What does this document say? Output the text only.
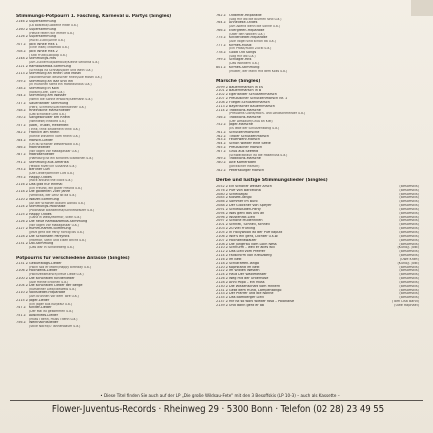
Stimmungs-Potpourri 1. Fasching, Karneval u. Partys (Singles)
2146 Z Superstimmung
(La Bostella/Goldene Mitte u.a.)
2160 Z Superstimmung
(Heute feiern wir immer u.a.)
2126 Z Superstimmung
(Rucki Zucki/Anne u.a.)
707 Z Jack White Hits 1
(Eine Insel/Tiritomba u.a.)
708 Z Jack White Hits 2
(Tutti Frutti/Lollipop u.a.)
2148 Z Stimmungs-Hits
(Am Zuckerhut/Bambule/Kleine Senorita u.a.)
2121 Z Rambazamba-Stimmung
(Schnaps ist Schnaps/Bier und Wein u.a.)
2113 Z Stimmung an Rhein und Mosel
(Wunderschön deutscher Rhein/Die Mosel u.a.)
759 Z Stimmung an Isar und Inn
(In München steht ein Hofbräuhaus u.a.)
738 Z Stimmung in Köln
(Kölsch/Lore, Lore u.a.)
744 Z Stimmung am Wasser
(Wenn die Sonne erwacht/Seemann u.a.)
737 Z Sauerländer Stimmung
(Herz, Schmerz/Liechtensteiner u.a.)
748 Z Rheinische Marschlieder
(Dat schönste Lied u.a.)
750 Z Sangesbrüder am Rhein
(Weinlese/Trinklied u.a.)
757 Z Jubel, Trubel, Heiterkeit
(Trink, trink Brüderlein trink u.a.)
782 Z Fröhlich am Rhein
(Kleine Winzerin vom Rhein u.a.)
784 Z Marsch-Lieder
(Oh du schöner Westerwald u.a.)
786 Z Marinelieder
(Wir lagen vor Madagaskar u.a.)
787 Z Matrosenlieder
(Hamburg ist ein schönes Städtchen u.a.)
791 Z Stimmung aus Amerika
(Yellow River/Oh Susanna u.a.)
793 Z Berliner Luft
(Die Lieder/Berliner Luft u.a.)
795 Z Happy-Oldies
(Rock around the clock u.a.)
2116 Z Das gibt nur einmal
(Ein Freund, ein guter Freund u.a.)
2118 Z Die goldenen 20er Jahre
(Veronika, der Lenz ist da u.a.)
2120 Z Walzer-Stimmung
(An der schönen blauen Donau u.a.)
2124 Z Stimmungs-Polonaise
(Polonaise Blankenese/Schneewalzer u.a.)
2125 Z Happy Oldies
(Ganz in Weiß/Marmor, Stein u.a.)
2126 Z Die neue Rambazamba-Stimmung
(Wir lagen vor Madagaskar u.a.)
2127 Z Rumm-Ramm-Stimmung
(Jetzt geht die Party richtig los u.a.)
2128 Z Die Schönsten Partyhits
(Marmor, Stein und Eisen bricht u.a.)
2131 Z Dol-Stimmung
(Das war in Schöneberg u.a.)
Potpourris für verschiedene Anlässe (Singles)
2131 Z Geburtstags-Lieder
(Hoch soll er leben/Happy birthday u.a.)
2106 Z Hochzeits-Lieder
(Hochzeitsmarsch/Treue Liebe u.a.)
2100 Z Die schönsten Kinderlieder
(Alle meine Entchen u.a.)
2104 Z Die schönsten Lieder der Berge
(Kufsteiner Lied/Edelweiß u.a.)
2110 Z Volkslieder-Hitparade
(Am Brunnen vor dem Tore u.a.)
2115 Z Jäger-Lieder
(Ein Jäger aus Kurpfalz u.a.)
747 Z Kinder-Lieder
(Der Mai ist gekommen u.a.)
751 Z Abschieds-Lieder
(Muss i denn, muss i denn u.a.)
756 Z Weihnachtslieder
(Stille Nacht/O Tannenbaum u.a.)
762 Z Oldtimer-Hitparade
(Sag mir wo die Blumen sind u.a.)
764 Z Anneliese-Oldies
(Am Abend wenn die Sonne u.a.)
766 Z Evergreen-Hitparade
(Über den Wolken u.a.)
775 Z Kinderlieder-Hitparade
(Alle Vögel sind schon da u.a.)
777 Z Kirmes-Musik
(Ein Prosit/Rucki Zucki u.a.)
778 Z Good Old Songs
(Sag mir wo u.a.)
799 Z Schlager-Hits
(Das Wandern u.a.)
801 Z Kirmes-Stimmung
(Mutter, der Mann mit dem Koks u.a.)
Märsche (Singles)
2099 Z Bauernmarsch in Es
2101 Z Bauernmarsch in B
2102 Z Egerländer Schützenmarsch
2107 Z Preußischer Schützenmarsch Nr. 1
2108 Z Flieger-Schützenmarsch
2113 Z Bayerischer Bauernmarsch
2114 Z Traditions-Märsche
(Preußens Gloria/Hoch- und Deutschmeister u.a.)
746 Z Traditions-Märsche
(Der Dessauer/Gruß an Kiel)
752 Z Jäger-Märsche
(Es lebe der Schützenkönig u.a.)
761 Z Schützenmärsche
762 Z Tiroler Schützenmarsch
763 Z Feuerwehr-Marsch
764 Z Schon wieder eine Seele
765 Z Preußischer Marsch
767 Z Gruß aus Seefeld
(Schwarzbraun ist die Haselnuss u.a.)
769 Z Traditions-Märsche
780 Z Alte Kameraden
(Jorckscher Marsch)
782 Z Petersburger Marsch
Derbe und lustige Stimmungslieder (Singles)
2052 Z Ein schöner weißer Arsch	(Besoffskis)
2076 Z Puff von Barcelona	(Besoffskis)
2080 Z Scheißegal	(Besoffskis)
2085 Z Klosett-Tango	(Besoffskis)
2086 Z Sommer im Büro	(Besoffskis)
2088 Z Der Glöckner von Speyer	(Besoffskis)
2091 Z Schießbuden-Party	(Besoffskis)
2094 Z Was geht das uns an	(Besoffskis)
2096 Z Wüstenrot-Lied	(Besoffskis)
2097 Z Schöne Müllerinnen	(Besoffskis)
2101 Z Schnell, Schnell, schnell	(Besoffskis)
2103 Z Zu viel Frühling	(Besoffskis)
2105 Z In Hollywood ist der Puff kaputt	(Besoffskis)
2106 Z Wie's ein geht, Dichter u.s.w.	(Besoffskis)
2107 Z Hochzeitswalzer	(Besoffskis)
2108 Z Die Jungfrau vom Loch Ness	(Besoffskis)
2110 Z Schnurm – weil er alles will	(Kuno/J. Jost)
2112 Z Das Lied vom Pfeiffer	(Besoffskis)
2114 Z Fallschirm von Kreuzberg	(Besoffskis)
2116 Z Im Bett	(Uwe Kraft)
2118 Z Schlaraffen-Tango	(Kuno/J. Jost)
2120 Z Kopfstand im Bett	(Besoffskis)
2122 Z Im Wilden Westen	(Besoffskis)
2124 Z Haut Der Waldmeister	(Besoffskis)
2126 Z Weg mit der Unterhose	(Besoffskis)
2128 Z Anni Popo – ein Muss	(Besoffskis)
2130 Z Die Wissenschaft vom Hintern	(Besoffskis)
2131 Z Gebt dem Hund, Lampentango	(Besoffskis)
2133 Z Der Pfarrer und die Nonne	(Besoffskis)
2135 Z Das Bamberger Lied	(Besoffskis)
2137 Z Mir ist so wohl wieder rosa – Polonaise	(Tom Lisa Band)
2139 Z Und dann geht er ab	(Uwe Raphael)
• Diese Titel finden Sie auch auf der LP „Die große Wildsau-Fete" mit den 3 Besoffskis (LP 10-3) – auch als Kassette –
Flower-Juventus-Records · Rheinweg 29 · 5300 Bonn · Telefon (02 28) 23 49 55
